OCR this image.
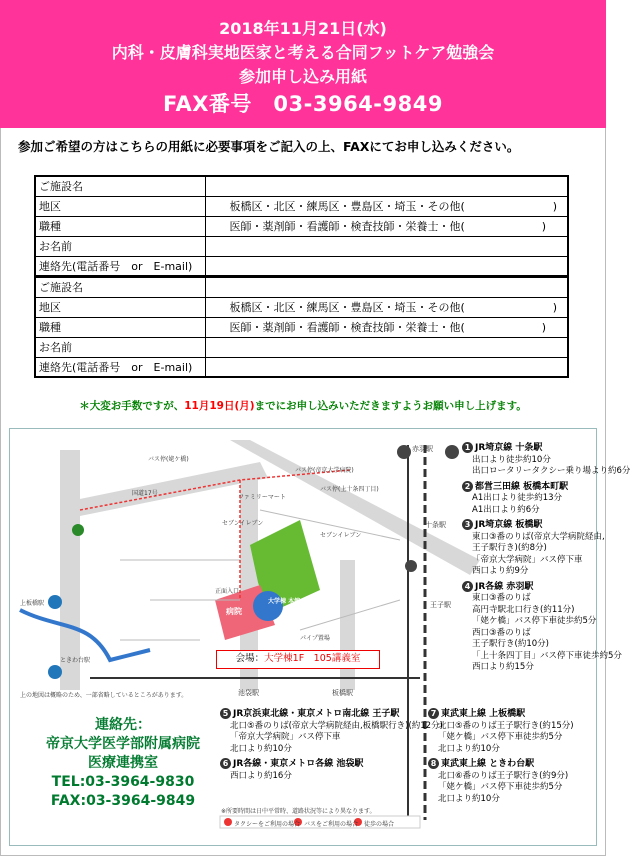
2018年11月21日(水)
内科・皮膚科実地医家と考える合同フットケア勉強会
参加申し込み用紙
FAX番号　03-3964-9849
参加ご希望の方はこちらの用紙に必要事項をご記入の上、FAXにてお申し込みください。
ご施設名	
地区	板橋区・北区・練馬区・豊島区・埼玉・その他(　　　　　　　　)
職種	医師・薬剤師・看護師・検査技師・栄養士・他(　　　　　　　)
お名前	
連絡先(電話番号　or　E-mail)	
ご施設名	
地区	板橋区・北区・練馬区・豊島区・埼玉・その他(　　　　　　　　)
職種	医師・薬剤師・看護師・検査技師・栄養士・他(　　　　　　　)
お名前	
連絡先(電話番号　or　E-mail)	
＊大変お手数ですが、11月19日(月)までにお申し込みいただきますようお願い申し上げます。
大学棟 本館
病院
赤羽駅
十条駅
王子駅
池袋駅	板橋駅
上板橋駅
ときわ台駅
国道17号
ファミリーマート
セブンイレブン
セブンイレブン
バス停(帝京大学病院)
バス停(姥ケ橋)
バス停(上十条四丁目)
パイプ置場
正面入口
上の地図は概略のため、一部省略しているところがあります。
会場：大学棟1F　105講義室
1 JR埼京線 十条駅
出口より徒歩約10分
出口ロータリータクシー乗り場より約6分
2 都営三田線 板橋本町駅
A1出口より徒歩約13分
A1出口より約6分
3 JR埼京線 板橋駅
東口③番のりば(帝京大学病院経由,
王子駅行き)(約8分)
「帝京大学病院」バス停下車
西口より約9分
4 JR各線 赤羽駅
東口③番のりば
高円寺駅北口行き(約11分)
「姥ケ橋」バス停下車徒歩約5分
西口③番のりば
王子駅行き(約10分)
「上十条四丁目」バス停下車徒歩約5分
西口より約15分
5 JR京浜東北線・東京メトロ南北線 王子駅
北口⑤番のりば(帝京大学病院経由,板橋駅行き)(約12分)
「帝京大学病院」バス停下車
北口より約10分
6 JR各線・東京メトロ各線 池袋駅
西口より約16分
7 東武東上線 上板橋駅
北口⑤番のりば王子駅行き(約15分)
「姥ケ橋」バス停下車徒歩約5分
北口より約10分
8 東武東上線 ときわ台駅
北口⑥番のりば王子駅行き(約9分)
「姥ケ橋」バス停下車徒歩約5分
北口より約10分
連絡先：
帝京大学医学部附属病院
医療連携室
TEL:03-3964-9830
FAX:03-3964-9849
※所要時間は日中平常時、道路状況等により異なります。
タクシーをご利用の場合 バスをご利用の場合 徒歩の場合
